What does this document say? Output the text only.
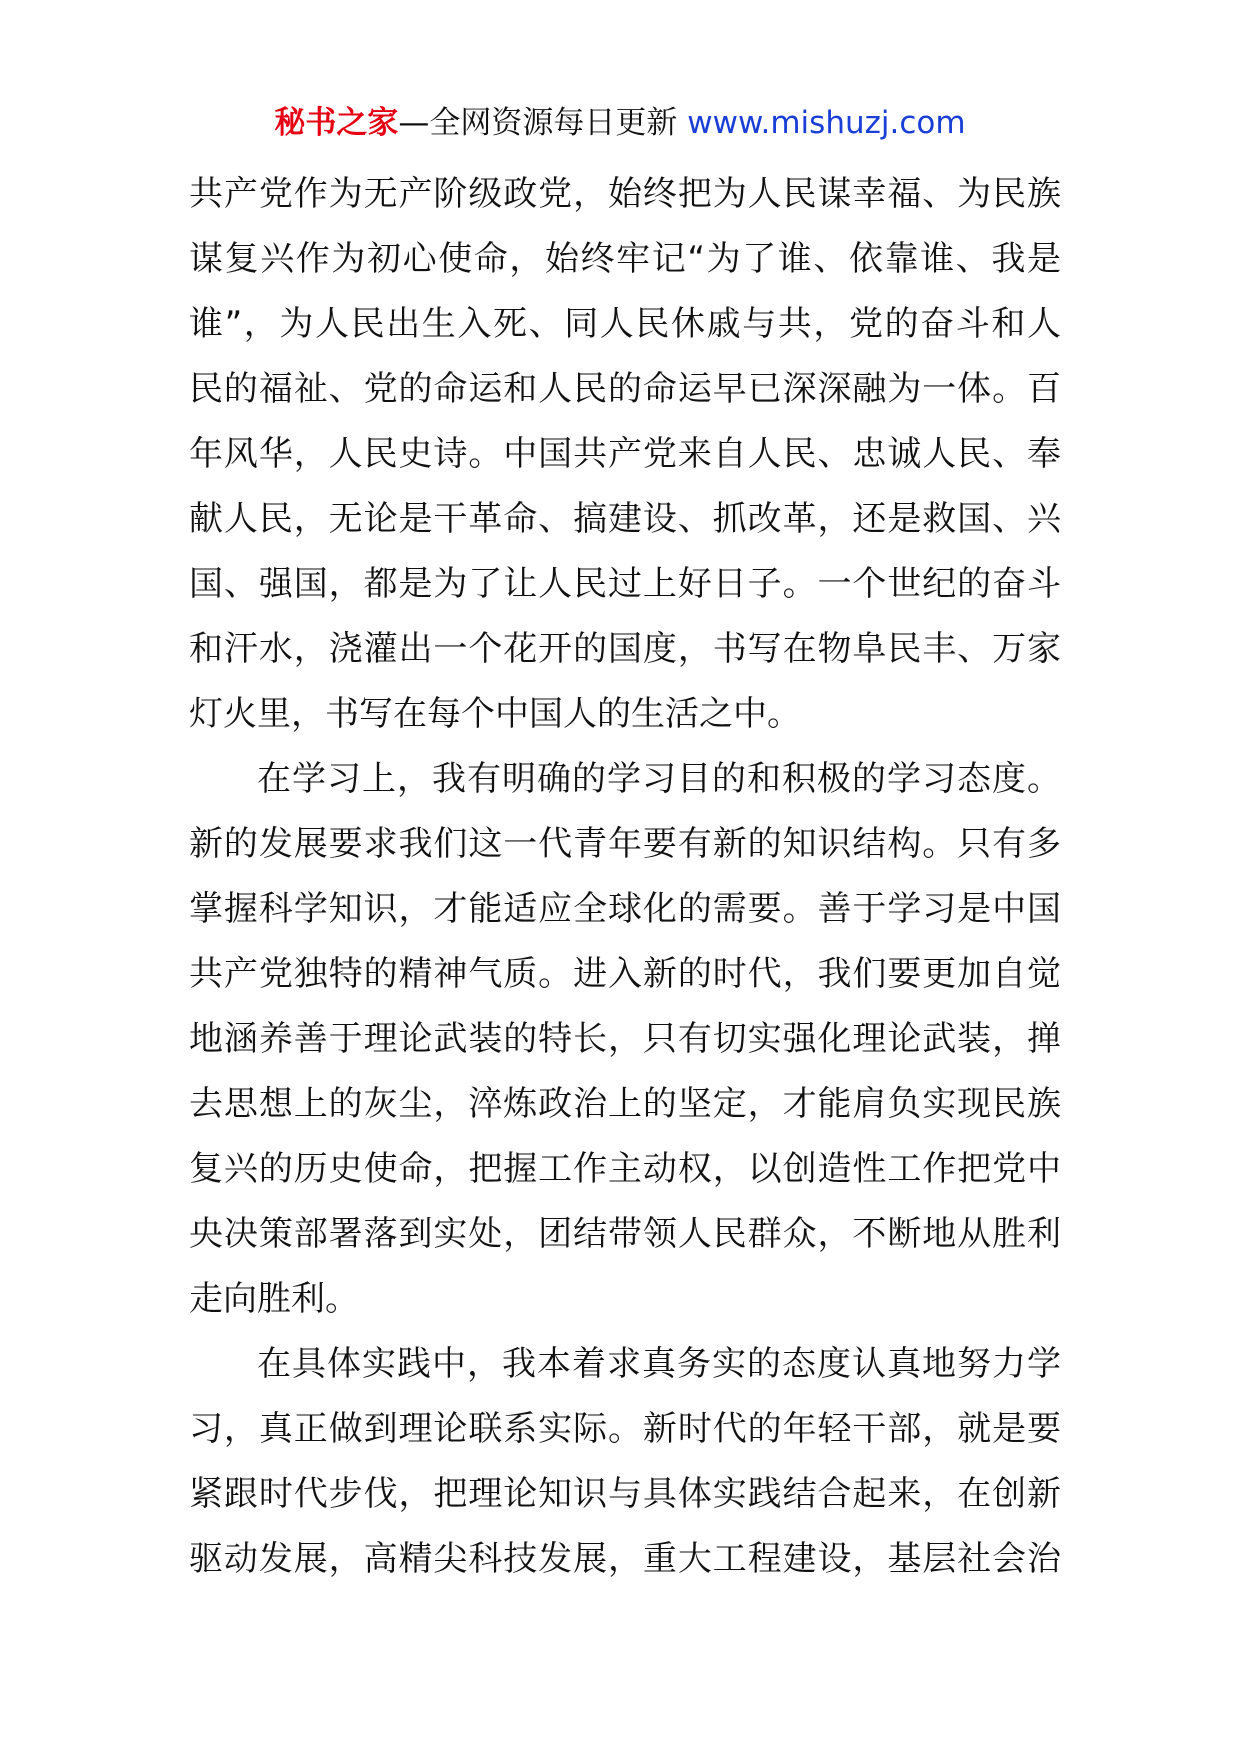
秘书之家—全网资源每日更新 www.mishuzj.com
共产党作为无产阶级政党，始终把为人民谋幸福、为民族
谋复兴作为初心使命，始终牢记“为了谁、依靠谁、我是
谁”，为人民出生入死、同人民休戚与共，党的奋斗和人
民的福祉、党的命运和人民的命运早已深深融为一体。百
年风华，人民史诗。中国共产党来自人民、忠诚人民、奉
献人民，无论是干革命、搞建设、抓改革，还是救国、兴
国、强国，都是为了让人民过上好日子。一个世纪的奋斗
和汗水，浇灌出一个花开的国度，书写在物阜民丰、万家
灯火里，书写在每个中国人的生活之中。
在学习上，我有明确的学习目的和积极的学习态度。
新的发展要求我们这一代青年要有新的知识结构。只有多
掌握科学知识，才能适应全球化的需要。善于学习是中国
共产党独特的精神气质。进入新的时代，我们要更加自觉
地涵养善于理论武装的特长，只有切实强化理论武装，掸
去思想上的灰尘，淬炼政治上的坚定，才能肩负实现民族
复兴的历史使命，把握工作主动权，以创造性工作把党中
央决策部署落到实处，团结带领人民群众，不断地从胜利
走向胜利。
在具体实践中，我本着求真务实的态度认真地努力学
习，真正做到理论联系实际。新时代的年轻干部，就是要
紧跟时代步伐，把理论知识与具体实践结合起来，在创新
驱动发展，高精尖科技发展，重大工程建设，基层社会治
